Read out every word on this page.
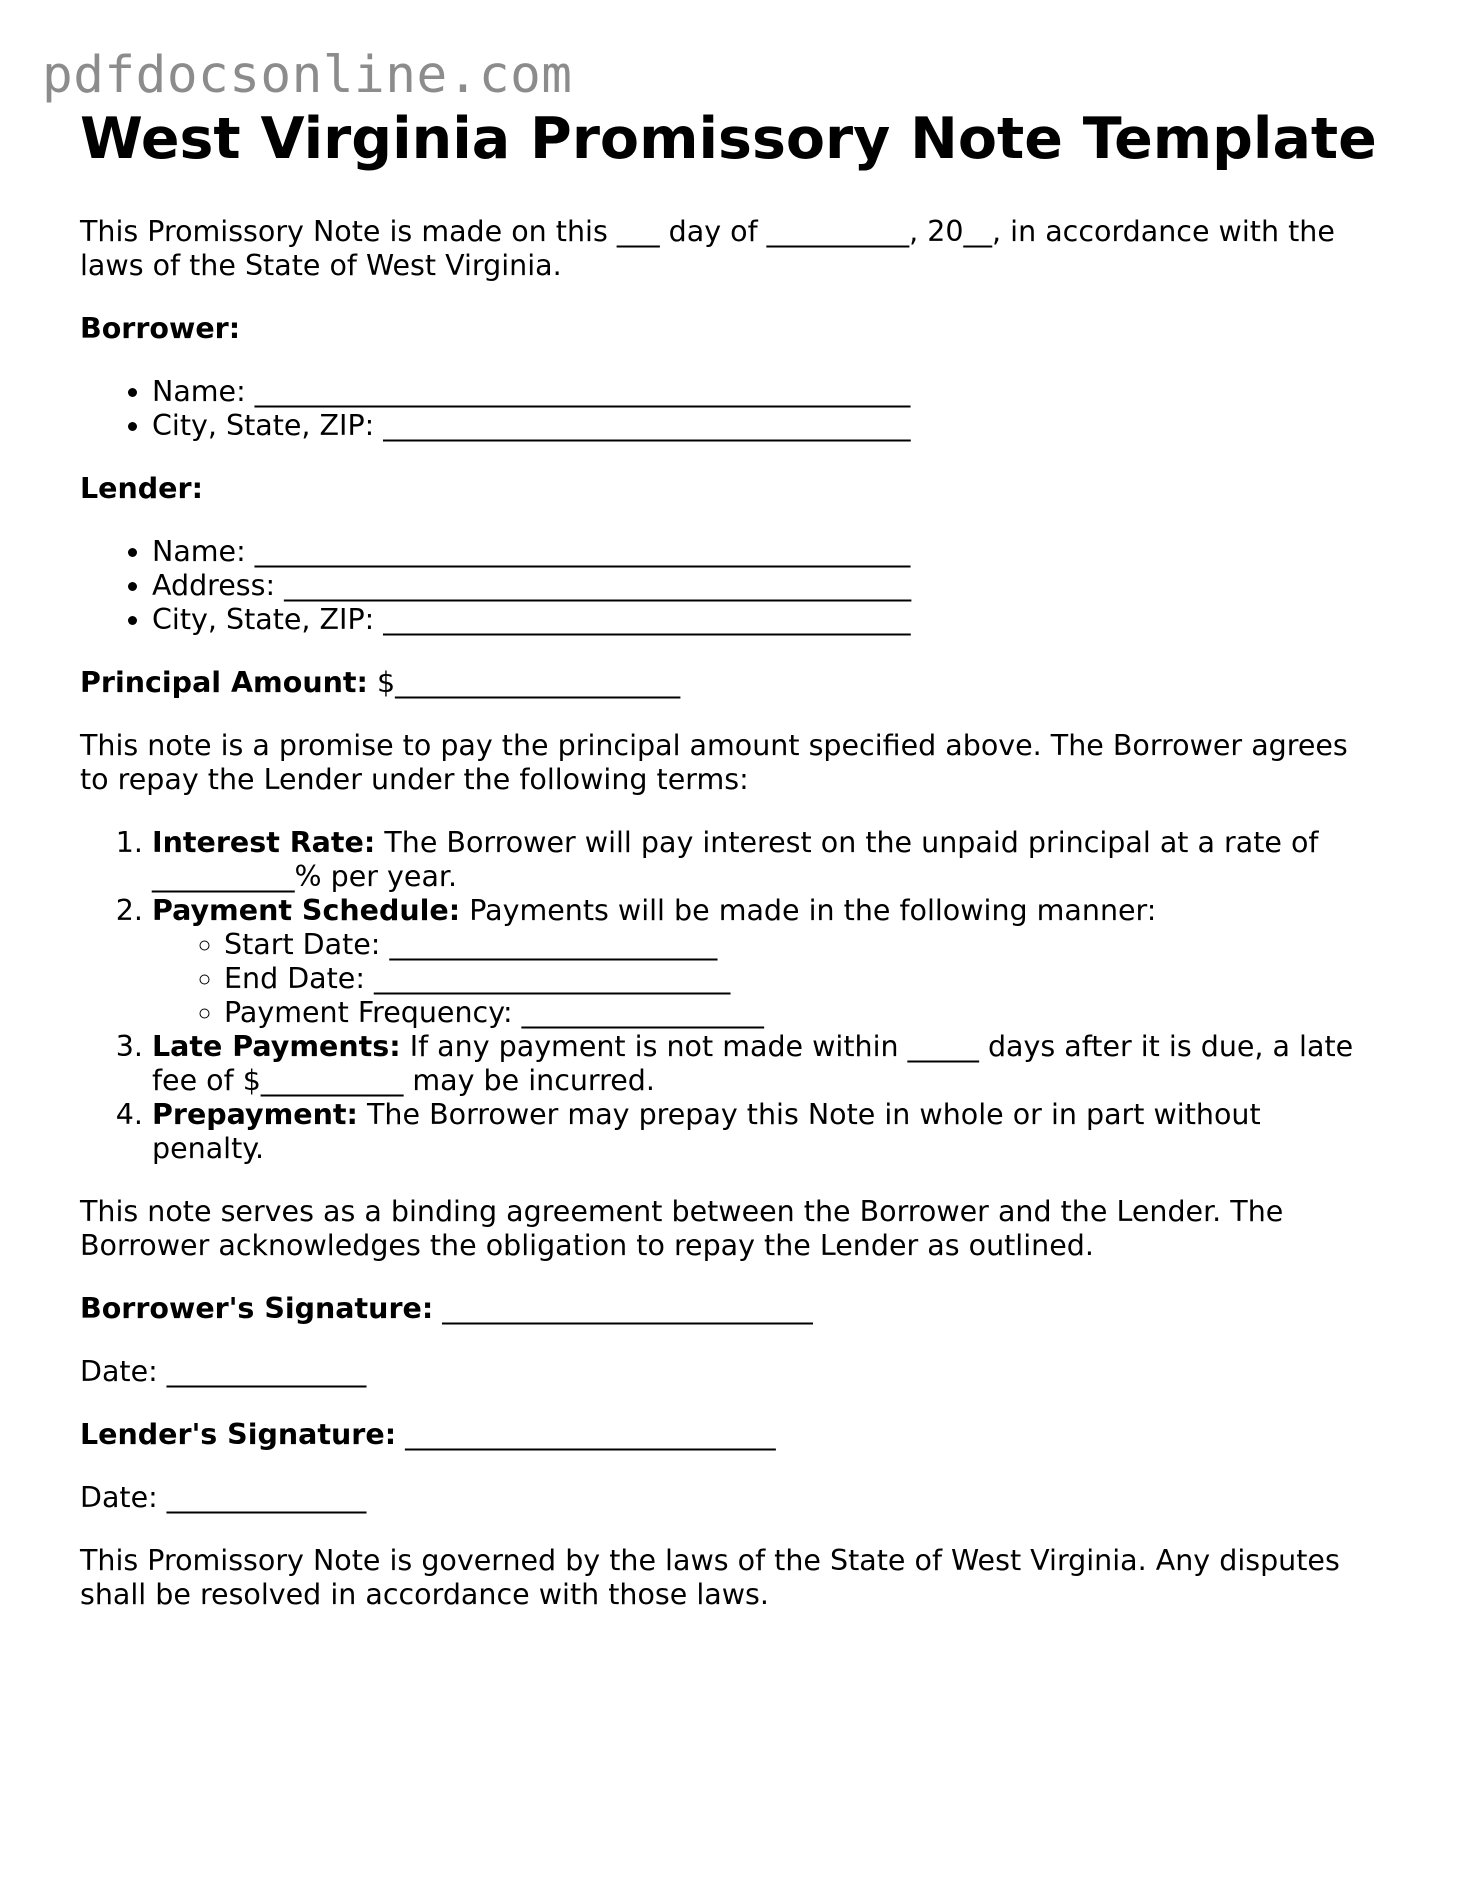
pdfdocsonline.com
West Virginia Promissory Note Template

This Promissory Note is made on this ___ day of __________, 20__, in accordance with the laws of the State of West Virginia.

Borrower:

• Name: ______________________________________________
• City, State, ZIP: _____________________________________

Lender:

• Name: ______________________________________________
• Address: ____________________________________________
• City, State, ZIP: _____________________________________

Principal Amount: $____________________

This note is a promise to pay the principal amount specified above. The Borrower agrees to repay the Lender under the following terms:

1. Interest Rate: The Borrower will pay interest on the unpaid principal at a rate of __________% per year.
2. Payment Schedule: Payments will be made in the following manner:
◦ Start Date: _______________________
◦ End Date: _________________________
◦ Payment Frequency: _________________
3. Late Payments: If any payment is not made within _____ days after it is due, a late fee of $__________ may be incurred.
4. Prepayment: The Borrower may prepay this Note in whole or in part without penalty.

This note serves as a binding agreement between the Borrower and the Lender. The Borrower acknowledges the obligation to repay the Lender as outlined.

Borrower's Signature: __________________________

Date: ______________

Lender's Signature: __________________________

Date: ______________

This Promissory Note is governed by the laws of the State of West Virginia. Any disputes shall be resolved in accordance with those laws.
